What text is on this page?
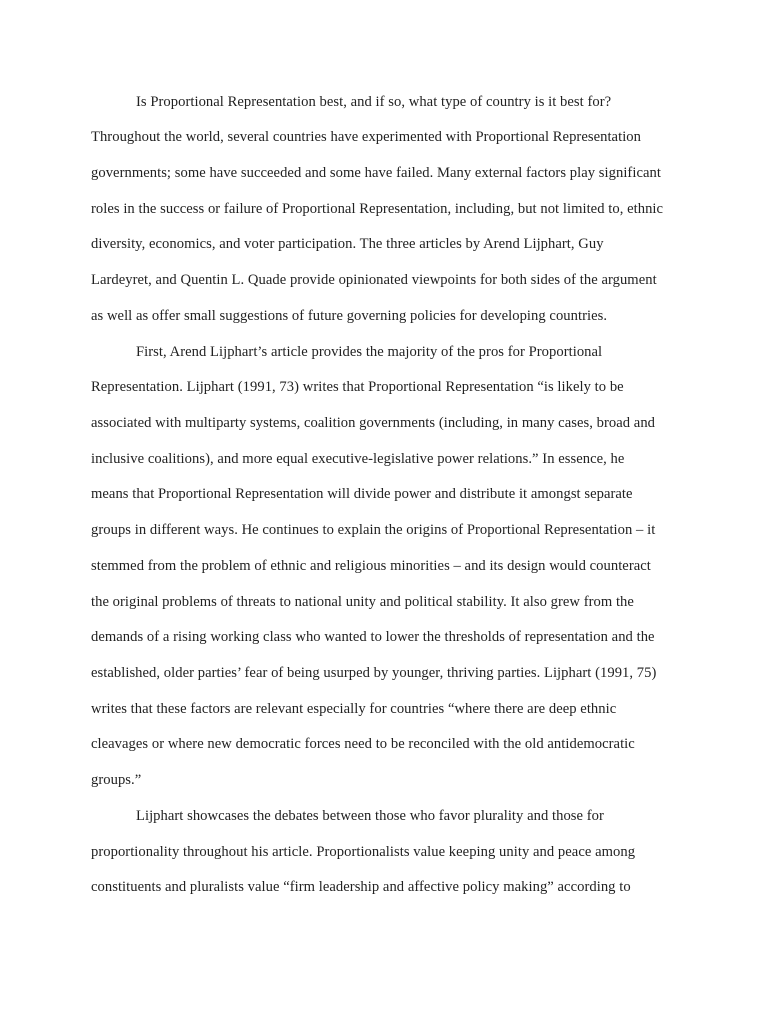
Is Proportional Representation best, and if so, what type of country is it best for?

Throughout the world, several countries have experimented with Proportional Representation

governments; some have succeeded and some have failed. Many external factors play significant

roles in the success or failure of Proportional Representation, including, but not limited to, ethnic

diversity, economics, and voter participation. The three articles by Arend Lijphart, Guy

Lardeyret, and Quentin L. Quade provide opinionated viewpoints for both sides of the argument

as well as offer small suggestions of future governing policies for developing countries.

First, Arend Lijphart’s article provides the majority of the pros for Proportional

Representation. Lijphart (1991, 73) writes that Proportional Representation “is likely to be

associated with multiparty systems, coalition governments (including, in many cases, broad and

inclusive coalitions), and more equal executive-legislative power relations.” In essence, he

means that Proportional Representation will divide power and distribute it amongst separate

groups in different ways. He continues to explain the origins of Proportional Representation – it

stemmed from the problem of ethnic and religious minorities – and its design would counteract

the original problems of threats to national unity and political stability. It also grew from the

demands of a rising working class who wanted to lower the thresholds of representation and the

established, older parties’ fear of being usurped by younger, thriving parties. Lijphart (1991, 75)

writes that these factors are relevant especially for countries “where there are deep ethnic

cleavages or where new democratic forces need to be reconciled with the old antidemocratic

groups.”

Lijphart showcases the debates between those who favor plurality and those for

proportionality throughout his article. Proportionalists value keeping unity and peace among

constituents and pluralists value “firm leadership and affective policy making” according to
